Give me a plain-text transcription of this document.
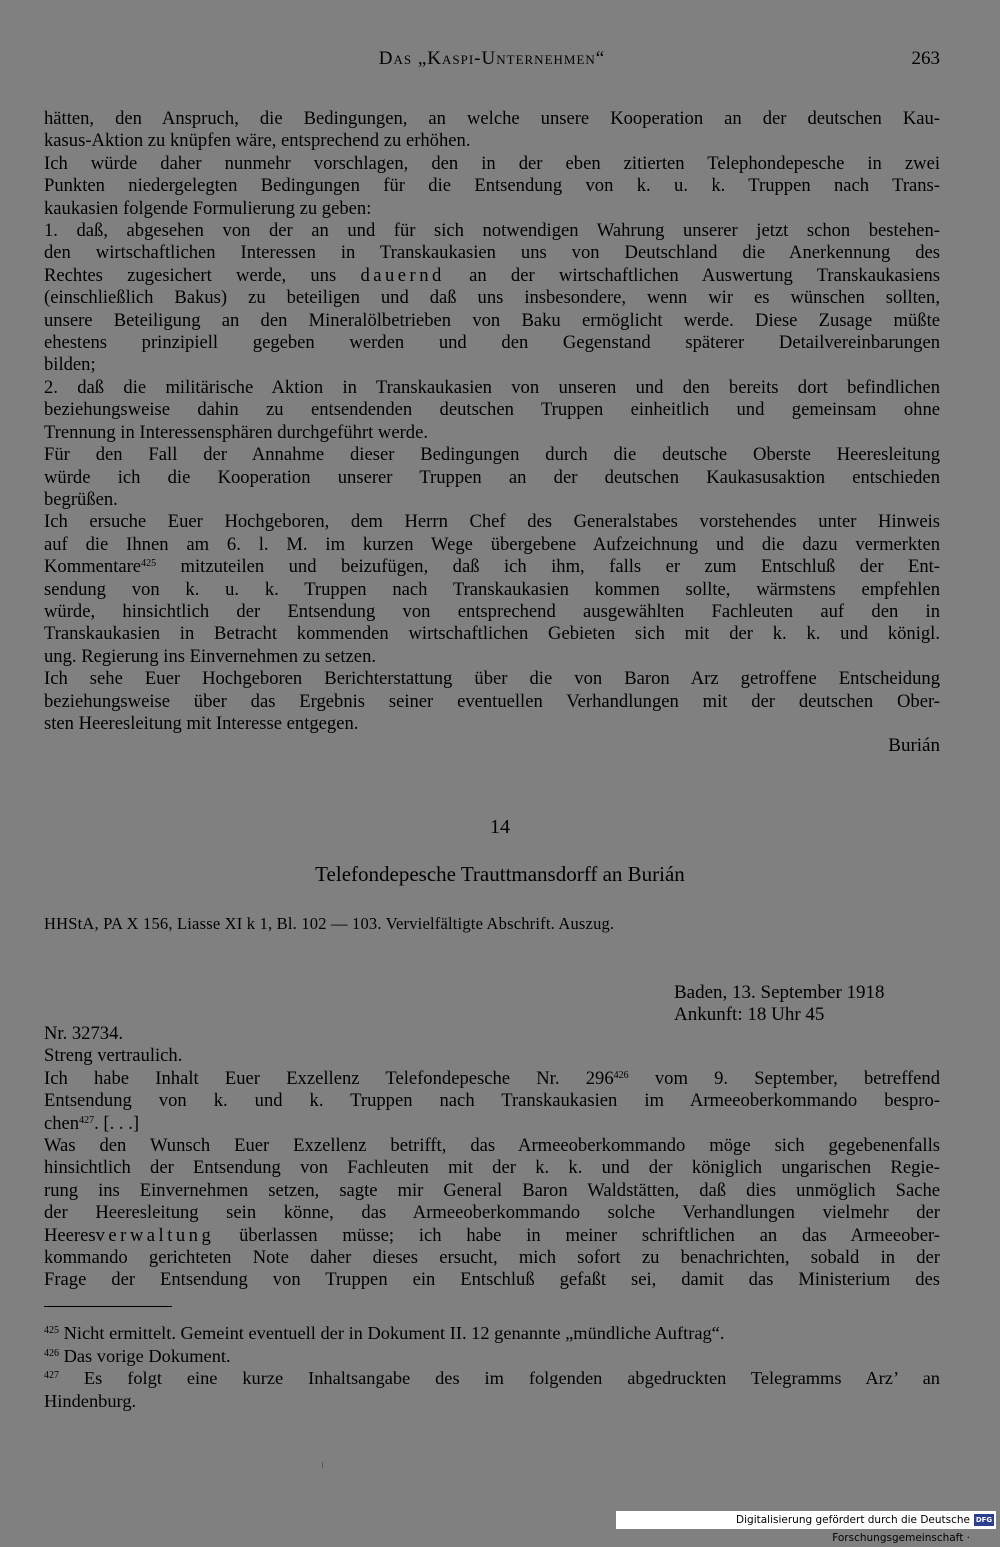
Das „Kaspi-Unternehmen“	263

hätten, den Anspruch, die Bedingungen, an welche unsere Kooperation an der deutschen Kau-

kasus-Aktion zu knüpfen wäre, entsprechend zu erhöhen.

Ich würde daher nunmehr vorschlagen, den in der eben zitierten Telephondepesche in zwei

Punkten niedergelegten Bedingungen für die Entsendung von k. u. k. Truppen nach Trans-

kaukasien folgende Formulierung zu geben:

1. daß, abgesehen von der an und für sich notwendigen Wahrung unserer jetzt schon bestehen-

den wirtschaftlichen Interessen in Transkaukasien uns von Deutschland die Anerkennung des

Rechtes zugesichert werde, uns dauernd an der wirtschaftlichen Auswertung Transkaukasiens

(einschließlich Bakus) zu beteiligen und daß uns insbesondere, wenn wir es wünschen sollten,

unsere Beteiligung an den Mineralölbetrieben von Baku ermöglicht werde. Diese Zusage müßte

ehestens prinzipiell gegeben werden und den Gegenstand späterer Detailvereinbarungen

bilden;

2. daß die militärische Aktion in Transkaukasien von unseren und den bereits dort befindlichen

beziehungsweise dahin zu entsendenden deutschen Truppen einheitlich und gemeinsam ohne

Trennung in Interessensphären durchgeführt werde.

Für den Fall der Annahme dieser Bedingungen durch die deutsche Oberste Heeresleitung

würde ich die Kooperation unserer Truppen an der deutschen Kaukasusaktion entschieden

begrüßen.

Ich ersuche Euer Hochgeboren, dem Herrn Chef des Generalstabes vorstehendes unter Hinweis

auf die Ihnen am 6. l. M. im kurzen Wege übergebene Aufzeichnung und die dazu vermerkten

Kommentare$^{425}$ mitzuteilen und beizufügen, daß ich ihm, falls er zum Entschluß der Ent-

sendung von k. u. k. Truppen nach Transkaukasien kommen sollte, wärmstens empfehlen

würde, hinsichtlich der Entsendung von entsprechend ausgewählten Fachleuten auf den in

Transkaukasien in Betracht kommenden wirtschaftlichen Gebieten sich mit der k. k. und königl.

ung. Regierung ins Einvernehmen zu setzen.

Ich sehe Euer Hochgeboren Berichterstattung über die von Baron Arz getroffene Entscheidung

beziehungsweise über das Ergebnis seiner eventuellen Verhandlungen mit der deutschen Ober-

sten Heeresleitung mit Interesse entgegen.

Burián
14
Telefondepesche Trauttmansdorff an Burián
HHStA, PA X 156, Liasse XI k 1, Bl. 102 — 103. Vervielfältigte Abschrift. Auszug.
Baden, 13. September 1918
Ankunft: 18 Uhr 45

Nr. 32734.

Streng vertraulich.

Ich habe Inhalt Euer Exzellenz Telefondepesche Nr. $296^{426}$ vom 9. September, betreffend

Entsendung von k. und k. Truppen nach Transkaukasien im Armeeoberkommando bespro-

chen$^{427}$. [. . .]

Was den Wunsch Euer Exzellenz betrifft, das Armeeoberkommando möge sich gegebenenfalls

hinsichtlich der Entsendung von Fachleuten mit der k. k. und der königlich ungarischen Regie-

rung ins Einvernehmen setzen, sagte mir General Baron Waldstätten, daß dies unmöglich Sache

der Heeresleitung sein könne, das Armeeoberkommando solche Verhandlungen vielmehr der

Heeresverwaltung überlassen müsse; ich habe in meiner schriftlichen an das Armeeober-

kommando gerichteten Note daher dieses ersucht, mich sofort zu benachrichten, sobald in der

Frage der Entsendung von Truppen ein Entschluß gefaßt sei, damit das Ministerium des

$^{425}$ Nicht ermittelt. Gemeint eventuell der in Dokument II. 12 genannte „mündliche Auftrag“.

$^{426}$ Das vorige Dokument.

$^{427}$ Es folgt eine kurze Inhaltsangabe des im folgenden abgedruckten Telegramms Arz’ an

Hindenburg.

Digitalisierung gefördert durch die Deutsche Forschungsgemeinschaft ·
DFG
